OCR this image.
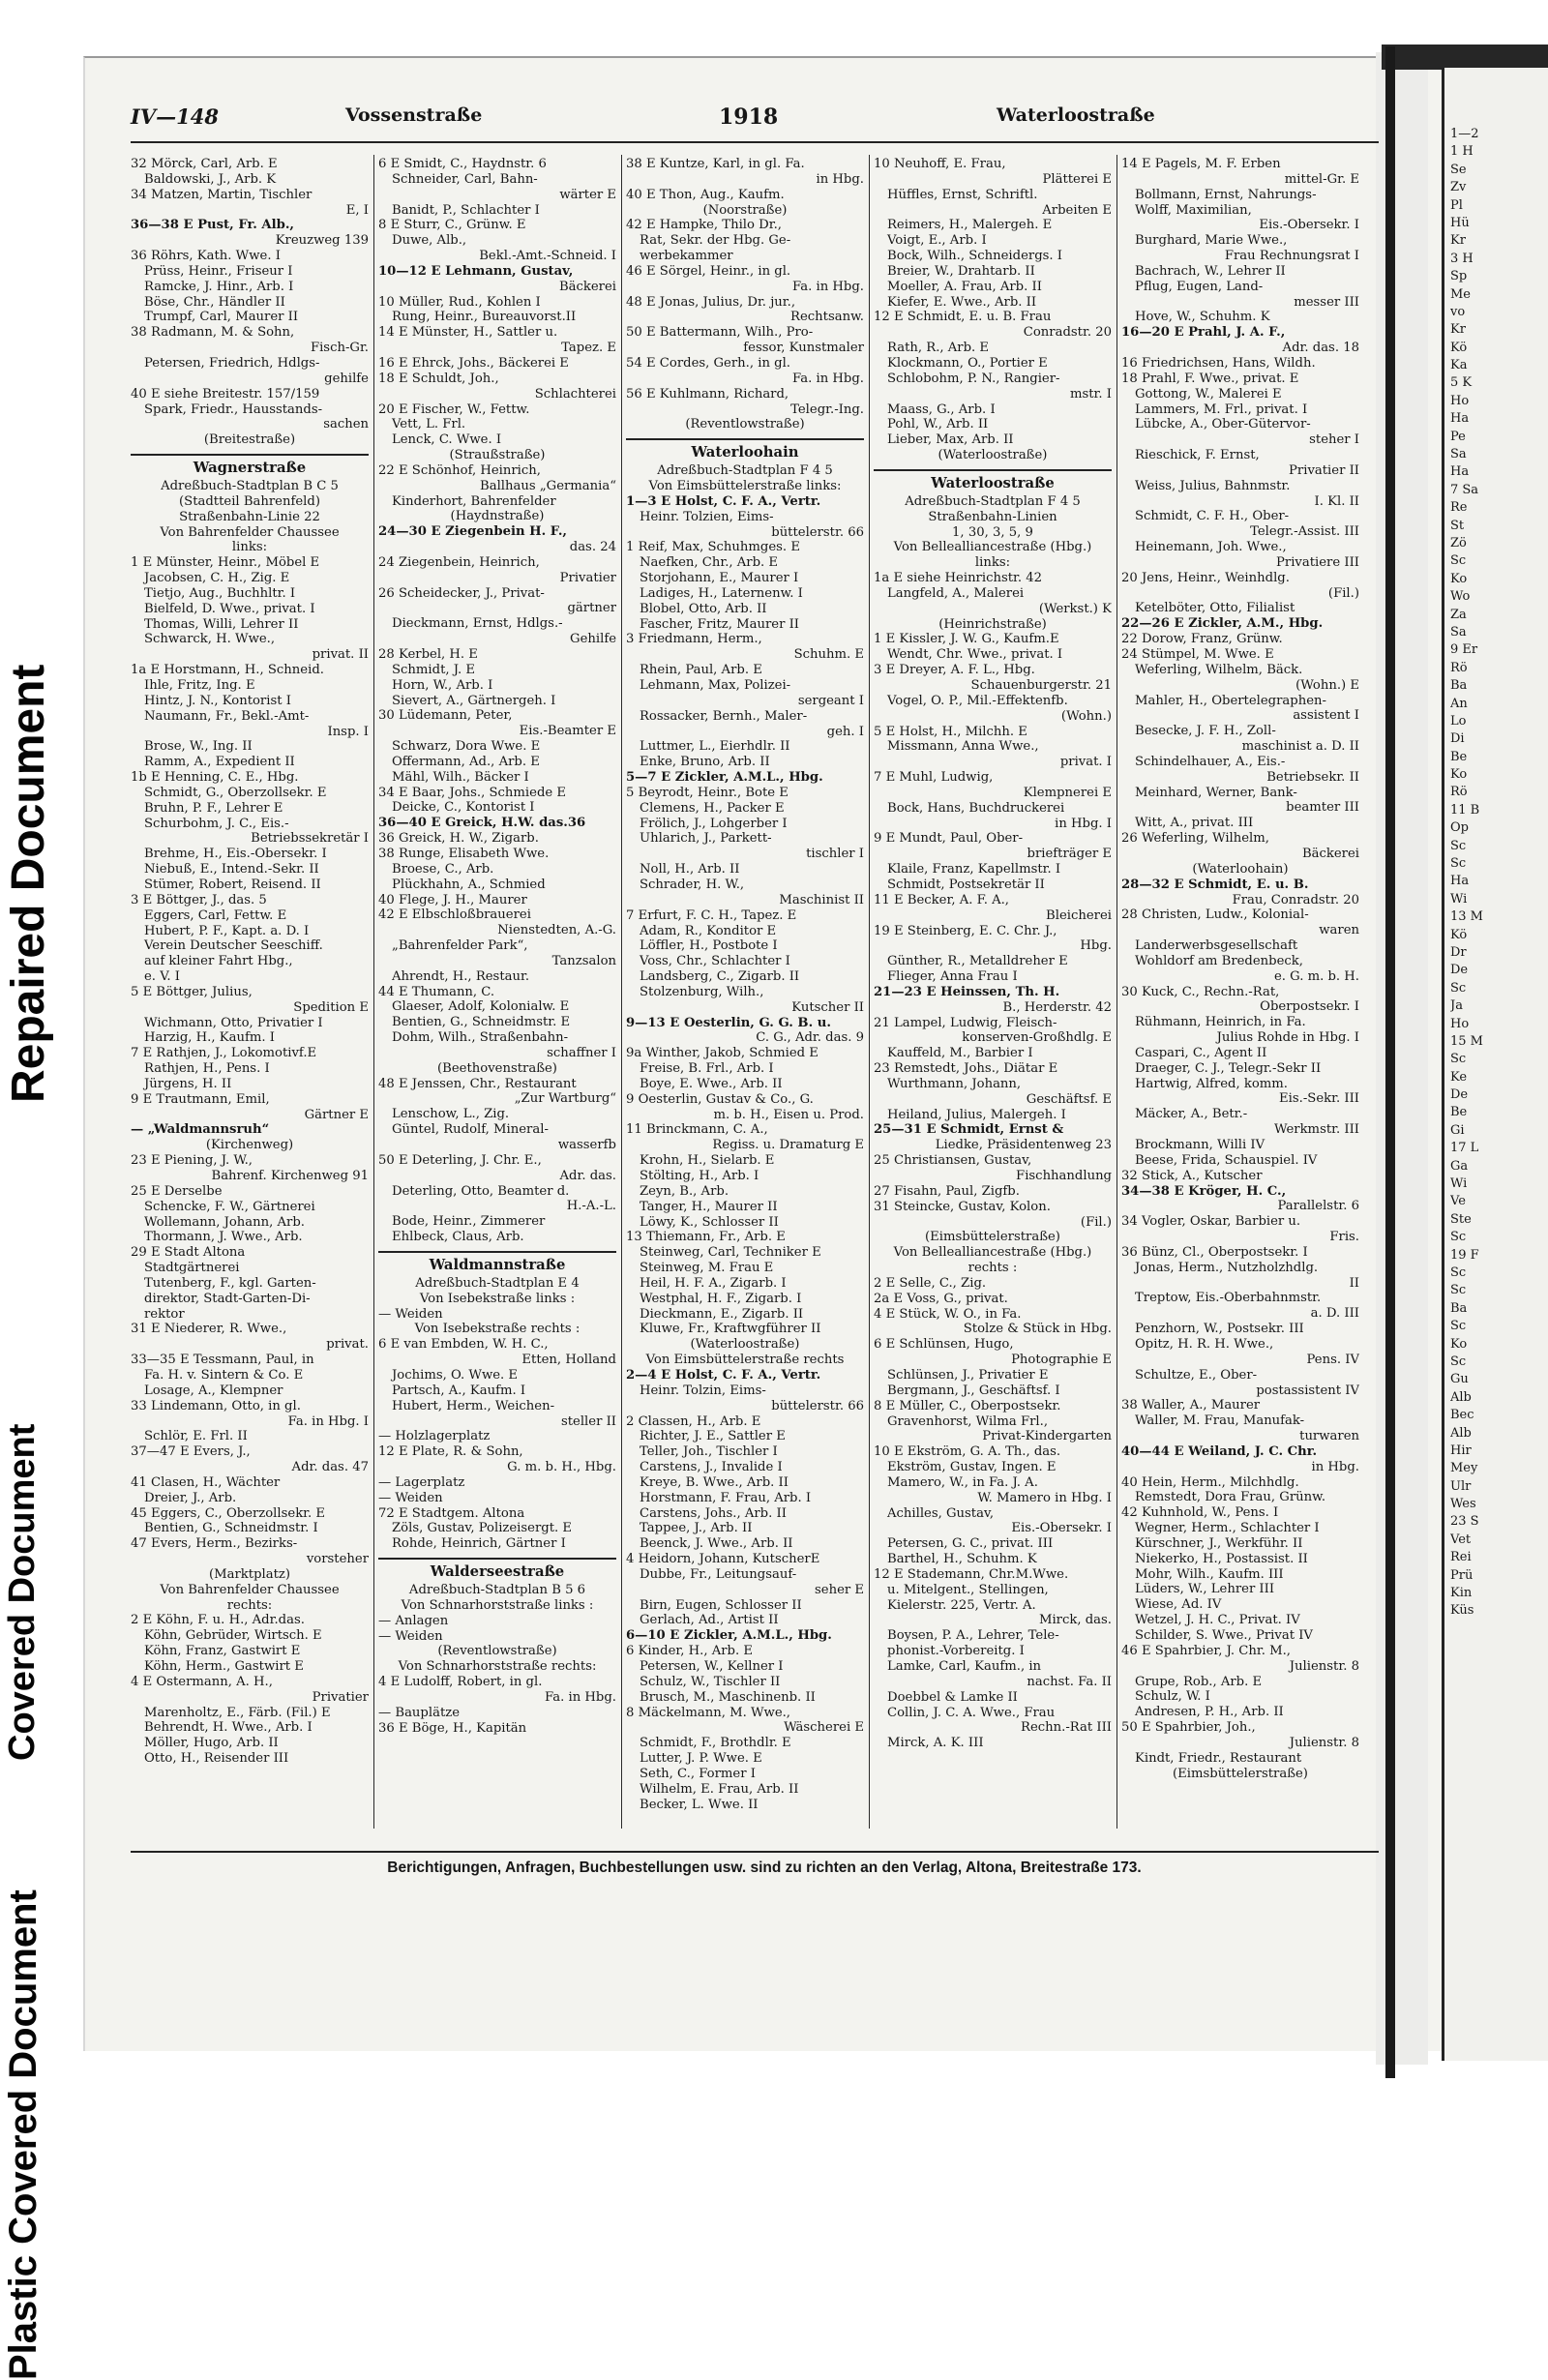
Repaired Document
Covered Document
Plastic Covered Document
1—2
1 H
Se
Zv
Pl
Hü
Kr
3 H
Sp
Me
vo
Kr
Kö
Ka
5 K
Ho
Ha
Pe
Sa
Ha
7 Sa
Re
St
Zö
Sc
Ko
Wo
Za
Sa
9 Er
Rö
Ba
An
Lo
Di
Be
Ko
Rö
11 B
Op
Sc
Sc
Ha
Wi
13 M
Kö
Dr
De
Sc
Ja
Ho
15 M
Sc
Ke
De
Be
Gi
17 L
Ga
Wi
Ve
Ste
Sc
19 F
Sc
Sc
Ba
Sc
Ko
Sc
Gu
Alb
Bec
Alb
Hir
Mey
Ulr
Wes
23 S
Vet
Rei
Prü
Kin
Küs
IV—148	Vossenstraße	1918	Waterloostraße
32 Mörck, Carl, Arb. E
Baldowski, J., Arb. K
34 Matzen, Martin, Tischler
E, I
36—38 E Pust, Fr. Alb.,
Kreuzweg 139
36 Röhrs, Kath. Wwe. I
Prüss, Heinr., Friseur I
Ramcke, J. Hinr., Arb. I
Böse, Chr., Händler II
Trumpf, Carl, Maurer II
38 Radmann, M. & Sohn,
Fisch-Gr.
Petersen, Friedrich, Hdlgs-
gehilfe
40 E siehe Breitestr. 157/159
Spark, Friedr., Hausstands-
sachen
(Breitestraße)
Wagnerstraße
Adreßbuch-Stadtplan B C 5
(Stadtteil Bahrenfeld)
Straßenbahn-Linie 22
Von Bahrenfelder Chaussee
links:
1 E Münster, Heinr., Möbel E
Jacobsen, C. H., Zig. E
Tietjo, Aug., Buchhltr. I
Bielfeld, D. Wwe., privat. I
Thomas, Willi, Lehrer II
Schwarck, H. Wwe.,
privat. II
1a E Horstmann, H., Schneid.
Ihle, Fritz, Ing. E
Hintz, J. N., Kontorist I
Naumann, Fr., Bekl.-Amt-
Insp. I
Brose, W., Ing. II
Ramm, A., Expedient II
1b E Henning, C. E., Hbg.
Schmidt, G., Oberzollsekr. E
Bruhn, P. F., Lehrer E
Schurbohm, J. C., Eis.-
Betriebssekretär I
Brehme, H., Eis.-Obersekr. I
Niebuß, E., Intend.-Sekr. II
Stümer, Robert, Reisend. II
3 E Böttger, J., das. 5
Eggers, Carl, Fettw. E
Hubert, P. F., Kapt. a. D. I
Verein Deutscher Seeschiff.
auf kleiner Fahrt Hbg.,
e. V. I
5 E Böttger, Julius,
Spedition E
Wichmann, Otto, Privatier I
Harzig, H., Kaufm. I
7 E Rathjen, J., Lokomotivf.E
Rathjen, H., Pens. I
Jürgens, H. II
9 E Trautmann, Emil,
Gärtner E
— „Waldmannsruh“
(Kirchenweg)
23 E Piening, J. W.,
Bahrenf. Kirchenweg 91
25 E Derselbe
Schencke, F. W., Gärtnerei
Wollemann, Johann, Arb.
Thormann, J. Wwe., Arb.
29 E Stadt Altona
Stadtgärtnerei
Tutenberg, F., kgl. Garten-
direktor, Stadt-Garten-Di-
rektor
31 E Niederer, R. Wwe.,
privat.
33—35 E Tessmann, Paul, in
Fa. H. v. Sintern & Co. E
Losage, A., Klempner
33 Lindemann, Otto, in gl.
Fa. in Hbg. I
Schlör, E. Frl. II
37—47 E Evers, J.,
Adr. das. 47
41 Clasen, H., Wächter
Dreier, J., Arb.
45 Eggers, C., Oberzollsekr. E
Bentien, G., Schneidmstr. I
47 Evers, Herm., Bezirks-
vorsteher
(Marktplatz)
Von Bahrenfelder Chaussee
rechts:
2 E Köhn, F. u. H., Adr.das.
Köhn, Gebrüder, Wirtsch. E
Köhn, Franz, Gastwirt E
Köhn, Herm., Gastwirt E
4 E Ostermann, A. H.,
Privatier
Marenholtz, E., Färb. (Fil.) E
Behrendt, H. Wwe., Arb. I
Möller, Hugo, Arb. II
Otto, H., Reisender III
6 E Smidt, C., Haydnstr. 6
Schneider, Carl, Bahn-
wärter E
Banidt, P., Schlachter I
8 E Sturr, C., Grünw. E
Duwe, Alb.,
Bekl.-Amt.-Schneid. I
10—12 E Lehmann, Gustav,
Bäckerei
10 Müller, Rud., Kohlen I
Rung, Heinr., Bureauvorst.II
14 E Münster, H., Sattler u.
Tapez. E
16 E Ehrck, Johs., Bäckerei E
18 E Schuldt, Joh.,
Schlachterei
20 E Fischer, W., Fettw.
Vett, L. Frl.
Lenck, C. Wwe. I
(Straußstraße)
22 E Schönhof, Heinrich,
Ballhaus „Germania“
Kinderhort, Bahrenfelder
(Haydnstraße)
24—30 E Ziegenbein H. F.,
das. 24
24 Ziegenbein, Heinrich,
Privatier
26 Scheidecker, J., Privat-
gärtner
Dieckmann, Ernst, Hdlgs.-
Gehilfe
28 Kerbel, H. E
Schmidt, J. E
Horn, W., Arb. I
Sievert, A., Gärtnergeh. I
30 Lüdemann, Peter,
Eis.-Beamter E
Schwarz, Dora Wwe. E
Offermann, Ad., Arb. E
Mähl, Wilh., Bäcker I
34 E Baar, Johs., Schmiede E
Deicke, C., Kontorist I
36—40 E Greick, H.W. das.36
36 Greick, H. W., Zigarb.
38 Runge, Elisabeth Wwe.
Broese, C., Arb.
Plückhahn, A., Schmied
40 Flege, J. H., Maurer
42 E Elbschloßbrauerei
Nienstedten, A.-G.
„Bahrenfelder Park“,
Tanzsalon
Ahrendt, H., Restaur.
44 E Thumann, C.
Glaeser, Adolf, Kolonialw. E
Bentien, G., Schneidmstr. E
Dohm, Wilh., Straßenbahn-
schaffner I
(Beethovenstraße)
48 E Jenssen, Chr., Restaurant
„Zur Wartburg“
Lenschow, L., Zig.
Güntel, Rudolf, Mineral-
wasserfb
50 E Deterling, J. Chr. E.,
Adr. das.
Deterling, Otto, Beamter d.
H.-A.-L.
Bode, Heinr., Zimmerer
Ehlbeck, Claus, Arb.
Waldmannstraße
Adreßbuch-Stadtplan E 4
Von Isebekstraße links :
— Weiden
Von Isebekstraße rechts :
6 E van Embden, W. H. C.,
Etten, Holland
Jochims, O. Wwe. E
Partsch, A., Kaufm. I
Hubert, Herm., Weichen-
steller II
— Holzlagerplatz
12 E Plate, R. & Sohn,
G. m. b. H., Hbg.
— Lagerplatz
— Weiden
72 E Stadtgem. Altona
Zöls, Gustav, Polizeisergt. E
Rohde, Heinrich, Gärtner I
Walderseestraße
Adreßbuch-Stadtplan B 5 6
Von Schnarhorststraße links :
— Anlagen
— Weiden
(Reventlowstraße)
Von Schnarhorststraße rechts:
4 E Ludolff, Robert, in gl.
Fa. in Hbg.
— Bauplätze
36 E Böge, H., Kapitän
38 E Kuntze, Karl, in gl. Fa.
in Hbg.
40 E Thon, Aug., Kaufm.
(Noorstraße)
42 E Hampke, Thilo Dr.,
Rat, Sekr. der Hbg. Ge-
werbekammer
46 E Sörgel, Heinr., in gl.
Fa. in Hbg.
48 E Jonas, Julius, Dr. jur.,
Rechtsanw.
50 E Battermann, Wilh., Pro-
fessor, Kunstmaler
54 E Cordes, Gerh., in gl.
Fa. in Hbg.
56 E Kuhlmann, Richard,
Telegr.-Ing.
(Reventlowstraße)
Waterloohain
Adreßbuch-Stadtplan F 4 5
Von Eimsbüttelerstraße links:
1—3 E Holst, C. F. A., Vertr.
Heinr. Tolzien, Eims-
büttelerstr. 66
1 Reif, Max, Schuhmges. E
Naefken, Chr., Arb. E
Storjohann, E., Maurer I
Ladiges, H., Laternenw. I
Blobel, Otto, Arb. II
Fascher, Fritz, Maurer II
3 Friedmann, Herm.,
Schuhm. E
Rhein, Paul, Arb. E
Lehmann, Max, Polizei-
sergeant I
Rossacker, Bernh., Maler-
geh. I
Luttmer, L., Eierhdlr. II
Enke, Bruno, Arb. II
5—7 E Zickler, A.M.L., Hbg.
5 Beyrodt, Heinr., Bote E
Clemens, H., Packer E
Frölich, J., Lohgerber I
Uhlarich, J., Parkett-
tischler I
Noll, H., Arb. II
Schrader, H. W.,
Maschinist II
7 Erfurt, F. C. H., Tapez. E
Adam, R., Konditor E
Löffler, H., Postbote I
Voss, Chr., Schlachter I
Landsberg, C., Zigarb. II
Stolzenburg, Wilh.,
Kutscher II
9—13 E Oesterlin, G. G. B. u.
C. G., Adr. das. 9
9a Winther, Jakob, Schmied E
Freise, B. Frl., Arb. I
Boye, E. Wwe., Arb. II
9 Oesterlin, Gustav & Co., G.
m. b. H., Eisen u. Prod.
11 Brinckmann, C. A.,
Regiss. u. Dramaturg E
Krohn, H., Sielarb. E
Stölting, H., Arb. I
Zeyn, B., Arb.
Tanger, H., Maurer II
Löwy, K., Schlosser II
13 Thiemann, Fr., Arb. E
Steinweg, Carl, Techniker E
Steinweg, M. Frau E
Heil, H. F. A., Zigarb. I
Westphal, H. F., Zigarb. I
Dieckmann, E., Zigarb. II
Kluwe, Fr., Kraftwgführer II
(Waterloostraße)
Von Eimsbüttelerstraße rechts
2—4 E Holst, C. F. A., Vertr.
Heinr. Tolzin, Eims-
büttelerstr. 66
2 Classen, H., Arb. E
Richter, J. E., Sattler E
Teller, Joh., Tischler I
Carstens, J., Invalide I
Kreye, B. Wwe., Arb. II
Horstmann, F. Frau, Arb. I
Carstens, Johs., Arb. II
Tappee, J., Arb. II
Beenck, J. Wwe., Arb. II
4 Heidorn, Johann, KutscherE
Dubbe, Fr., Leitungsauf-
seher E
Birn, Eugen, Schlosser II
Gerlach, Ad., Artist II
6—10 E Zickler, A.M.L., Hbg.
6 Kinder, H., Arb. E
Petersen, W., Kellner I
Schulz, W., Tischler II
Brusch, M., Maschinenb. II
8 Mäckelmann, M. Wwe.,
Wäscherei E
Schmidt, F., Brothdlr. E
Lutter, J. P. Wwe. E
Seth, C., Former I
Wilhelm, E. Frau, Arb. II
Becker, L. Wwe. II
10 Neuhoff, E. Frau,
Plätterei E
Hüffles, Ernst, Schriftl.
Arbeiten E
Reimers, H., Malergeh. E
Voigt, E., Arb. I
Bock, Wilh., Schneidergs. I
Breier, W., Drahtarb. II
Moeller, A. Frau, Arb. II
Kiefer, E. Wwe., Arb. II
12 E Schmidt, E. u. B. Frau
Conradstr. 20
Rath, R., Arb. E
Klockmann, O., Portier E
Schlobohm, P. N., Rangier-
mstr. I
Maass, G., Arb. I
Pohl, W., Arb. II
Lieber, Max, Arb. II
(Waterloostraße)
Waterloostraße
Adreßbuch-Stadtplan F 4 5
Straßenbahn-Linien
1, 30, 3, 5, 9
Von Bellealliancestraße (Hbg.)
links:
1a E siehe Heinrichstr. 42
Langfeld, A., Malerei
(Werkst.) K
(Heinrichstraße)
1 E Kissler, J. W. G., Kaufm.E
Wendt, Chr. Wwe., privat. I
3 E Dreyer, A. F. L., Hbg.
Schauenburgerstr. 21
Vogel, O. P., Mil.-Effektenfb.
(Wohn.)
5 E Holst, H., Milchh. E
Missmann, Anna Wwe.,
privat. I
7 E Muhl, Ludwig,
Klempnerei E
Bock, Hans, Buchdruckerei
in Hbg. I
9 E Mundt, Paul, Ober-
briefträger E
Klaile, Franz, Kapellmstr. I
Schmidt, Postsekretär II
11 E Becker, A. F. A.,
Bleicherei
19 E Steinberg, E. C. Chr. J.,
Hbg.
Günther, R., Metalldreher E
Flieger, Anna Frau I
21—23 E Heinssen, Th. H.
B., Herderstr. 42
21 Lampel, Ludwig, Fleisch-
konserven-Großhdlg. E
Kauffeld, M., Barbier I
23 Remstedt, Johs., Diätar E
Wurthmann, Johann,
Geschäftsf. E
Heiland, Julius, Malergeh. I
25—31 E Schmidt, Ernst &
Liedke, Präsidentenweg 23
25 Christiansen, Gustav,
Fischhandlung
27 Fisahn, Paul, Zigfb.
31 Steincke, Gustav, Kolon.
(Fil.)
(Eimsbüttelerstraße)
Von Bellealliancestraße (Hbg.)
rechts :
2 E Selle, C., Zig.
2a E Voss, G., privat.
4 E Stück, W. O., in Fa.
Stolze & Stück in Hbg.
6 E Schlünsen, Hugo,
Photographie E
Schlünsen, J., Privatier E
Bergmann, J., Geschäftsf. I
8 E Müller, C., Oberpostsekr.
Gravenhorst, Wilma Frl.,
Privat-Kindergarten
10 E Ekström, G. A. Th., das.
Ekström, Gustav, Ingen. E
Mamero, W., in Fa. J. A.
W. Mamero in Hbg. I
Achilles, Gustav,
Eis.-Obersekr. I
Petersen, G. C., privat. III
Barthel, H., Schuhm. K
12 E Stademann, Chr.M.Wwe.
u. Mitelgent., Stellingen,
Kielerstr. 225, Vertr. A.
Mirck, das.
Boysen, P. A., Lehrer, Tele-
phonist.-Vorbereitg. I
Lamke, Carl, Kaufm., in
nachst. Fa. II
Doebbel & Lamke II
Collin, J. C. A. Wwe., Frau
Rechn.-Rat III
Mirck, A. K. III
14 E Pagels, M. F. Erben
mittel-Gr. E
Bollmann, Ernst, Nahrungs-
Wolff, Maximilian,
Eis.-Obersekr. I
Burghard, Marie Wwe.,
Frau Rechnungsrat I
Bachrach, W., Lehrer II
Pflug, Eugen, Land-
messer III
Hove, W., Schuhm. K
16—20 E Prahl, J. A. F.,
Adr. das. 18
16 Friedrichsen, Hans, Wildh.
18 Prahl, F. Wwe., privat. E
Gottong, W., Malerei E
Lammers, M. Frl., privat. I
Lübcke, A., Ober-Gütervor-
steher I
Rieschick, F. Ernst,
Privatier II
Weiss, Julius, Bahnmstr.
I. Kl. II
Schmidt, C. F. H., Ober-
Telegr.-Assist. III
Heinemann, Joh. Wwe.,
Privatiere III
20 Jens, Heinr., Weinhdlg.
(Fil.)
Ketelböter, Otto, Filialist
22—26 E Zickler, A.M., Hbg.
22 Dorow, Franz, Grünw.
24 Stümpel, M. Wwe. E
Weferling, Wilhelm, Bäck.
(Wohn.) E
Mahler, H., Obertelegraphen-
assistent I
Besecke, J. F. H., Zoll-
maschinist a. D. II
Schindelhauer, A., Eis.-
Betriebsekr. II
Meinhard, Werner, Bank-
beamter III
Witt, A., privat. III
26 Weferling, Wilhelm,
Bäckerei
(Waterloohain)
28—32 E Schmidt, E. u. B.
Frau, Conradstr. 20
28 Christen, Ludw., Kolonial-
waren
Landerwerbsgesellschaft
Wohldorf am Bredenbeck,
e. G. m. b. H.
30 Kuck, C., Rechn.-Rat,
Oberpostsekr. I
Rühmann, Heinrich, in Fa.
Julius Rohde in Hbg. I
Caspari, C., Agent II
Draeger, C. J., Telegr.-Sekr II
Hartwig, Alfred, komm.
Eis.-Sekr. III
Mäcker, A., Betr.-
Werkmstr. III
Brockmann, Willi IV
Beese, Frida, Schauspiel. IV
32 Stick, A., Kutscher
34—38 E Kröger, H. C.,
Parallelstr. 6
34 Vogler, Oskar, Barbier u.
Fris.
36 Bünz, Cl., Oberpostsekr. I
Jonas, Herm., Nutzholzhdlg.
II
Treptow, Eis.-Oberbahnmstr.
a. D. III
Penzhorn, W., Postsekr. III
Opitz, H. R. H. Wwe.,
Pens. IV
Schultze, E., Ober-
postassistent IV
38 Waller, A., Maurer
Waller, M. Frau, Manufak-
turwaren
40—44 E Weiland, J. C. Chr.
in Hbg.
40 Hein, Herm., Milchhdlg.
Remstedt, Dora Frau, Grünw.
42 Kuhnhold, W., Pens. I
Wegner, Herm., Schlachter I
Kürschner, J., Werkführ. II
Niekerko, H., Postassist. II
Mohr, Wilh., Kaufm. III
Lüders, W., Lehrer III
Wiese, Ad. IV
Wetzel, J. H. C., Privat. IV
Schilder, S. Wwe., Privat IV
46 E Spahrbier, J. Chr. M.,
Julienstr. 8
Grupe, Rob., Arb. E
Schulz, W. I
Andresen, P. H., Arb. II
50 E Spahrbier, Joh.,
Julienstr. 8
Kindt, Friedr., Restaurant
(Eimsbüttelerstraße)
Berichtigungen, Anfragen, Buchbestellungen usw. sind zu richten an den Verlag, Altona, Breitestraße 173.
